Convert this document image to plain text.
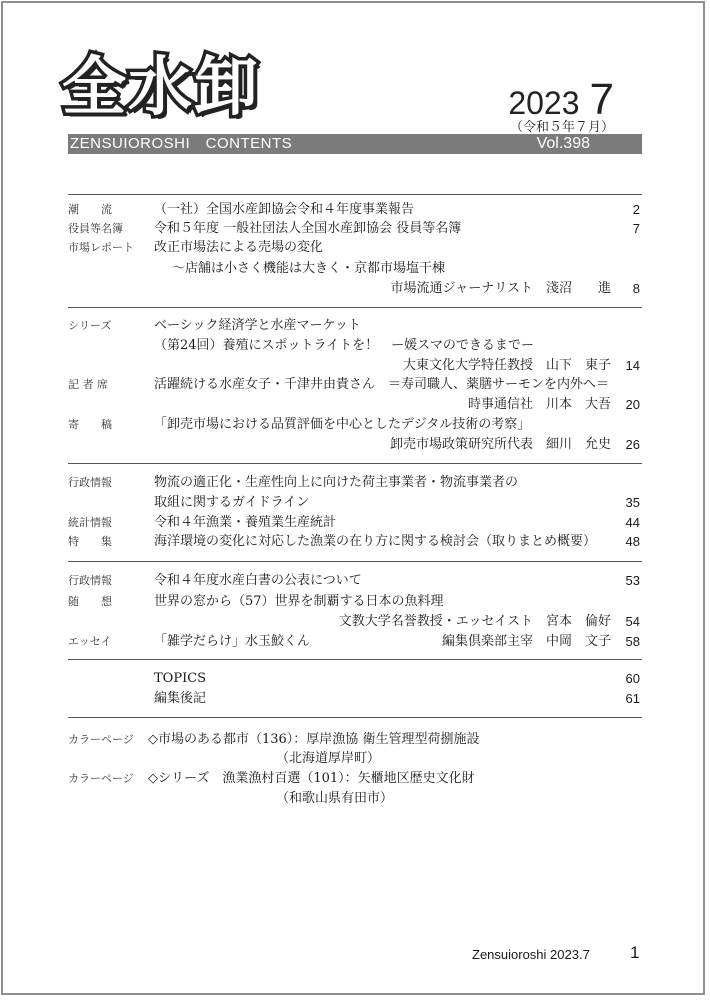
全水卸	2023 7
（令和５年７月）
ZENSUIOROSHI　CONTENTS	Vol.398
潮　　流	（一社）全国水産卸協会令和４年度事業報告	2
役員等名簿	令和５年度 一般社団法人全国水産卸協会 役員等名簿	7
市場レポート	改正市場法による売場の変化
～店舗は小さく機能は大きく・京都市場塩干棟
市場流通ジャーナリスト　淺沼　　進 8
シリーズ	ベーシック経済学と水産マーケット
（第24回）養殖にスポットライトを！　ー媛スマのできるまでー
大東文化大学特任教授　山下　東子 14
記 者 席	活躍続ける水産女子・千津井由貴さん　＝寿司職人、薬膳サーモンを内外へ＝
時事通信社　川本　大吾 20
寄　　稿	「卸売市場における品質評価を中心としたデジタル技術の考察」
卸売市場政策研究所代表　細川　允史 26
行政情報	物流の適正化・生産性向上に向けた荷主事業者・物流事業者の
取組に関するガイドライン	35
統計情報	令和４年漁業・養殖業生産統計	44
特　　集	海洋環境の変化に対応した漁業の在り方に関する検討会（取りまとめ概要） 48
行政情報	令和４年度水産白書の公表について	53
随　　想	世界の窓から（57）世界を制覇する日本の魚料理
文教大学名誉教授・エッセイスト　宮本　倫好 54
エッセイ	「雑学だらけ」水玉鮫くん	編集倶楽部主宰　中岡　文子 58
TOPICS	60
編集後記	61
カラーページ ◇市場のある都市（136）：厚岸漁協 衛生管理型荷捌施設
（北海道厚岸町）
カラーページ ◇シリーズ　漁業漁村百選（101）：矢櫃地区歴史文化財
（和歌山県有田市）
Zensuioroshi 2023.7 1
